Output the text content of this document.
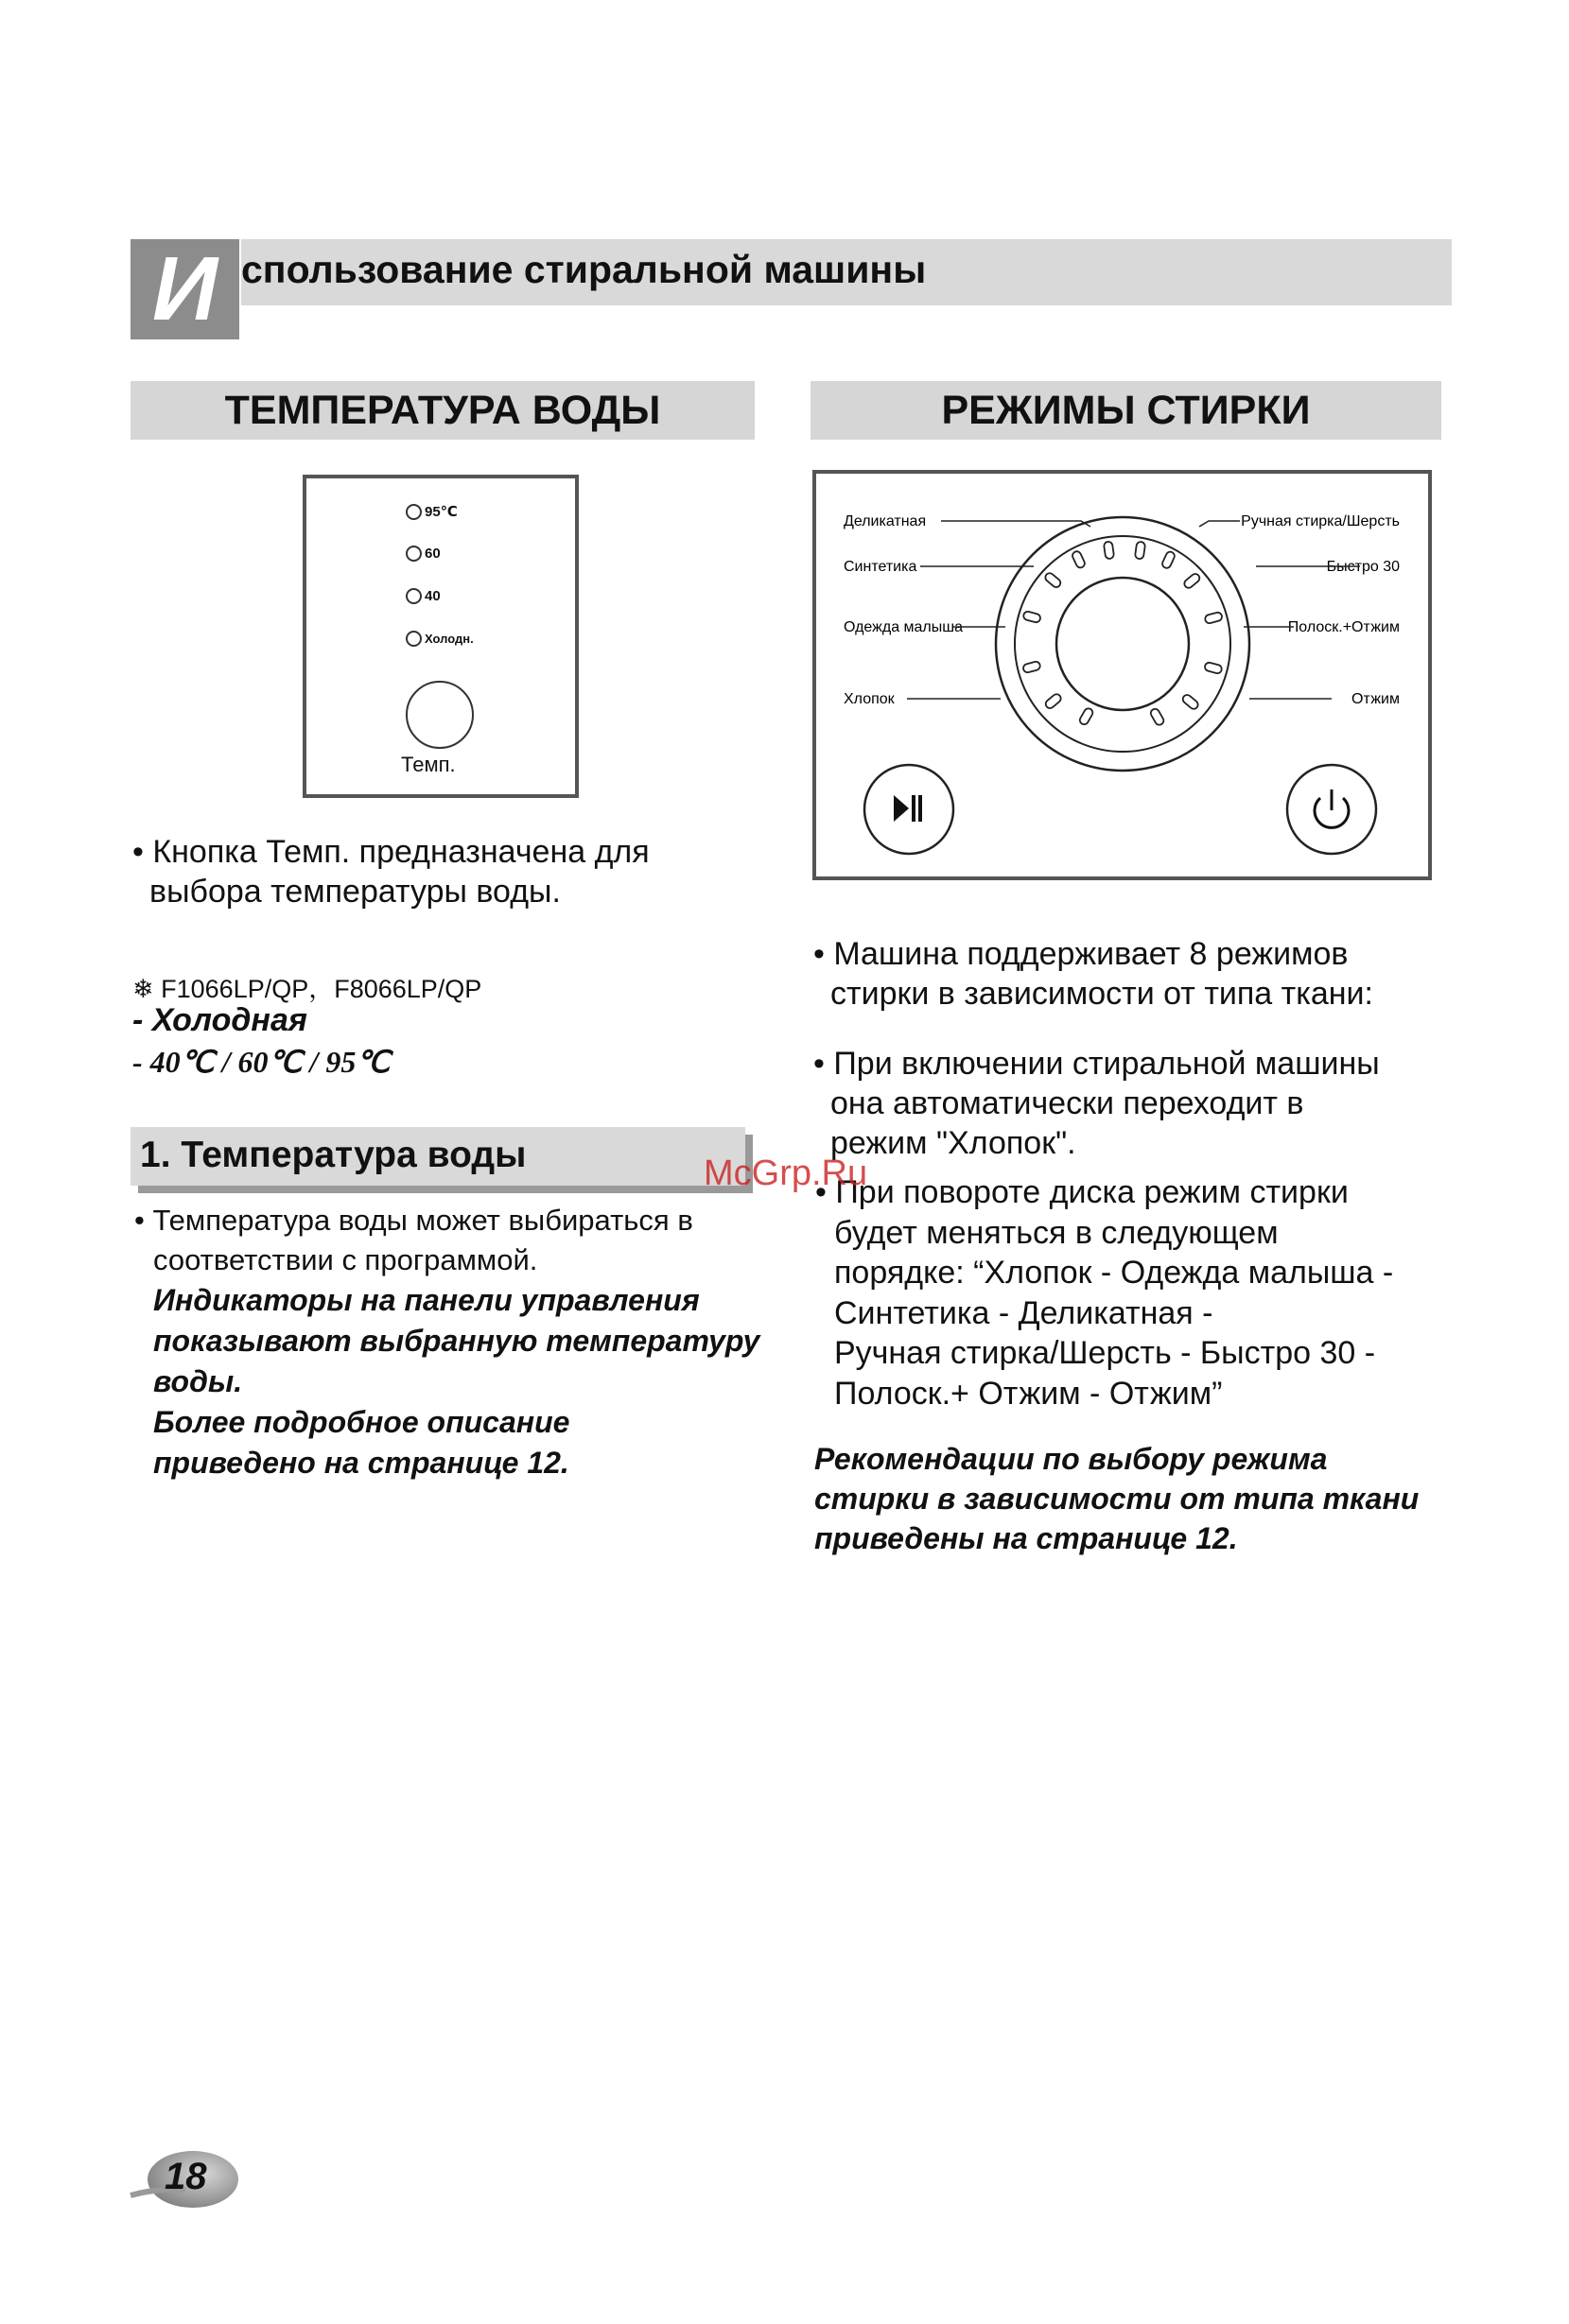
И спользование стиральной машины
ТЕМПЕРАТУРА ВОДЫ	РЕЖИМЫ СТИРКИ
95℃
60
40
Холодн.
Темп.
• Кнопка Темп. предназначена для
выбора температуры воды.
❄ F1066LP/QP，F8066LP/QP
- Холодная
- 40℃ / 60℃ / 95℃
1. Температура воды
• Температура воды может выбираться в
соответствии с программой.
Индикаторы на панели управления
показывают выбранную температуру
воды.
Более подробное описание
приведено на странице 12.
Деликатная
Синтетика
Одежда малыша
Хлопок
Ручная стирка/Шерсть
Быстро 30
Полоск.+Отжим
Отжим
• Машина поддерживает 8 режимов
стирки в зависимости от типа ткани:
• При включении стиральной машины
она автоматически переходит в
режим "Хлопок".
• При повороте диска режим стирки
будет меняться в следующем
порядке: “Хлопок - Одежда малыша -
Синтетика - Деликатная -
Ручная стирка/Шерсть - Быстро 30 -
Полоск.+ Отжим - Отжим”
Рекомендации по выбору режима
стирки в зависимости от типа ткани
приведены на странице 12.
McGrp.Ru
18
